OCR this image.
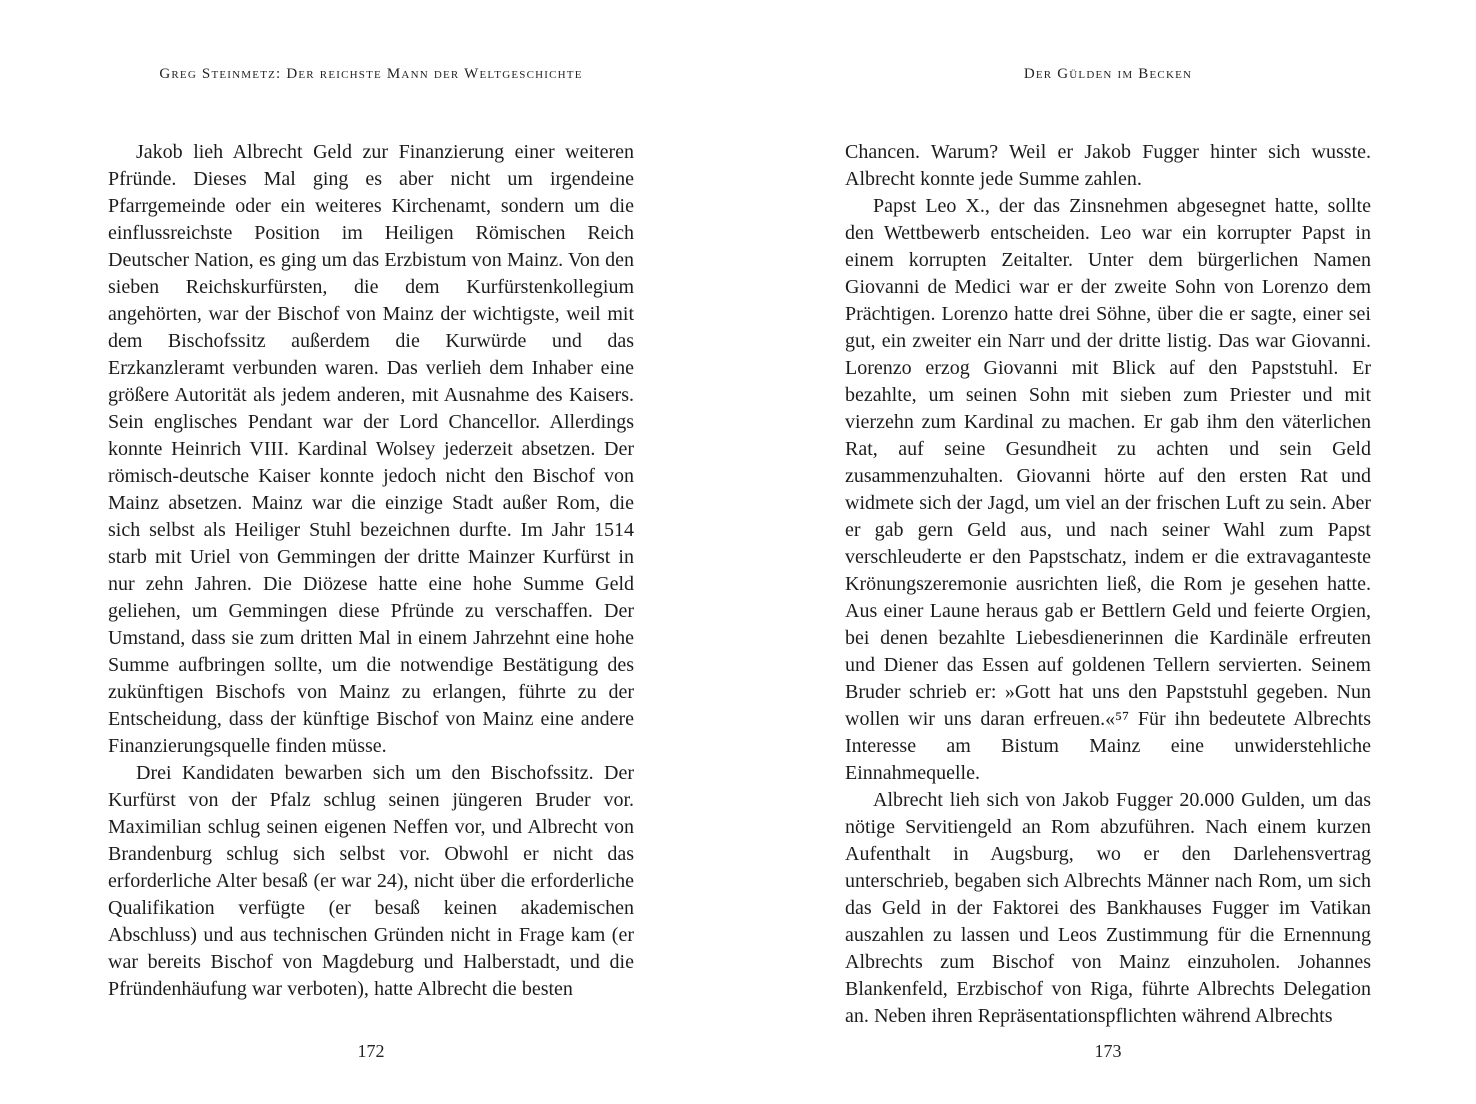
Greg Steinmetz: Der reichste Mann der Weltgeschichte

Jakob lieh Albrecht Geld zur Finanzierung einer weiteren Pfründe. Dieses Mal ging es aber nicht um irgendeine Pfarrgemeinde oder ein weiteres Kirchenamt, sondern um die einflussreichste Position im Heiligen Römischen Reich Deutscher Nation, es ging um das Erzbistum von Mainz. Von den sieben Reichskurfürsten, die dem Kurfürstenkollegium angehörten, war der Bischof von Mainz der wichtigste, weil mit dem Bischofssitz außerdem die Kurwürde und das Erzkanzleramt verbunden waren. Das verlieh dem Inhaber eine größere Autorität als jedem anderen, mit Ausnahme des Kaisers. Sein englisches Pendant war der Lord Chancellor. Allerdings konnte Heinrich VIII. Kardinal Wolsey jederzeit absetzen. Der römisch-deutsche Kaiser konnte jedoch nicht den Bischof von Mainz absetzen. Mainz war die einzige Stadt außer Rom, die sich selbst als Heiliger Stuhl bezeichnen durfte. Im Jahr 1514 starb mit Uriel von Gemmingen der dritte Mainzer Kurfürst in nur zehn Jahren. Die Diözese hatte eine hohe Summe Geld geliehen, um Gemmingen diese Pfründe zu verschaffen. Der Umstand, dass sie zum dritten Mal in einem Jahrzehnt eine hohe Summe aufbringen sollte, um die notwendige Bestätigung des zukünftigen Bischofs von Mainz zu erlangen, führte zu der Entscheidung, dass der künftige Bischof von Mainz eine andere Finanzierungsquelle finden müsse.

Drei Kandidaten bewarben sich um den Bischofssitz. Der Kurfürst von der Pfalz schlug seinen jüngeren Bruder vor. Maximilian schlug seinen eigenen Neffen vor, und Albrecht von Brandenburg schlug sich selbst vor. Obwohl er nicht das erforderliche Alter besaß (er war 24), nicht über die erforderliche Qualifikation verfügte (er besaß keinen akademischen Abschluss) und aus technischen Gründen nicht in Frage kam (er war bereits Bischof von Magdeburg und Halberstadt, und die Pfründenhäufung war verboten), hatte Albrecht die besten

172
Der Gülden im Becken

Chancen. Warum? Weil er Jakob Fugger hinter sich wusste. Albrecht konnte jede Summe zahlen.

Papst Leo X., der das Zinsnehmen abgesegnet hatte, sollte den Wettbewerb entscheiden. Leo war ein korrupter Papst in einem korrupten Zeitalter. Unter dem bürgerlichen Namen Giovanni de Medici war er der zweite Sohn von Lorenzo dem Prächtigen. Lorenzo hatte drei Söhne, über die er sagte, einer sei gut, ein zweiter ein Narr und der dritte listig. Das war Giovanni. Lorenzo erzog Giovanni mit Blick auf den Papststuhl. Er bezahlte, um seinen Sohn mit sieben zum Priester und mit vierzehn zum Kardinal zu machen. Er gab ihm den väterlichen Rat, auf seine Gesundheit zu achten und sein Geld zusammenzuhalten. Giovanni hörte auf den ersten Rat und widmete sich der Jagd, um viel an der frischen Luft zu sein. Aber er gab gern Geld aus, und nach seiner Wahl zum Papst verschleuderte er den Papstschatz, indem er die extravaganteste Krönungszeremonie ausrichten ließ, die Rom je gesehen hatte. Aus einer Laune heraus gab er Bettlern Geld und feierte Orgien, bei denen bezahlte Liebesdienerinnen die Kardinäle erfreuten und Diener das Essen auf goldenen Tellern servierten. Seinem Bruder schrieb er: »Gott hat uns den Papststuhl gegeben. Nun wollen wir uns daran erfreuen.«⁵⁷ Für ihn bedeutete Albrechts Interesse am Bistum Mainz eine unwiderstehliche Einnahmequelle.

Albrecht lieh sich von Jakob Fugger 20.000 Gulden, um das nötige Servitiengeld an Rom abzuführen. Nach einem kurzen Aufenthalt in Augsburg, wo er den Darlehensvertrag unterschrieb, begaben sich Albrechts Männer nach Rom, um sich das Geld in der Faktorei des Bankhauses Fugger im Vatikan auszahlen zu lassen und Leos Zustimmung für die Ernennung Albrechts zum Bischof von Mainz einzuholen. Johannes Blankenfeld, Erzbischof von Riga, führte Albrechts Delegation an. Neben ihren Repräsentationspflichten während Albrechts

173
